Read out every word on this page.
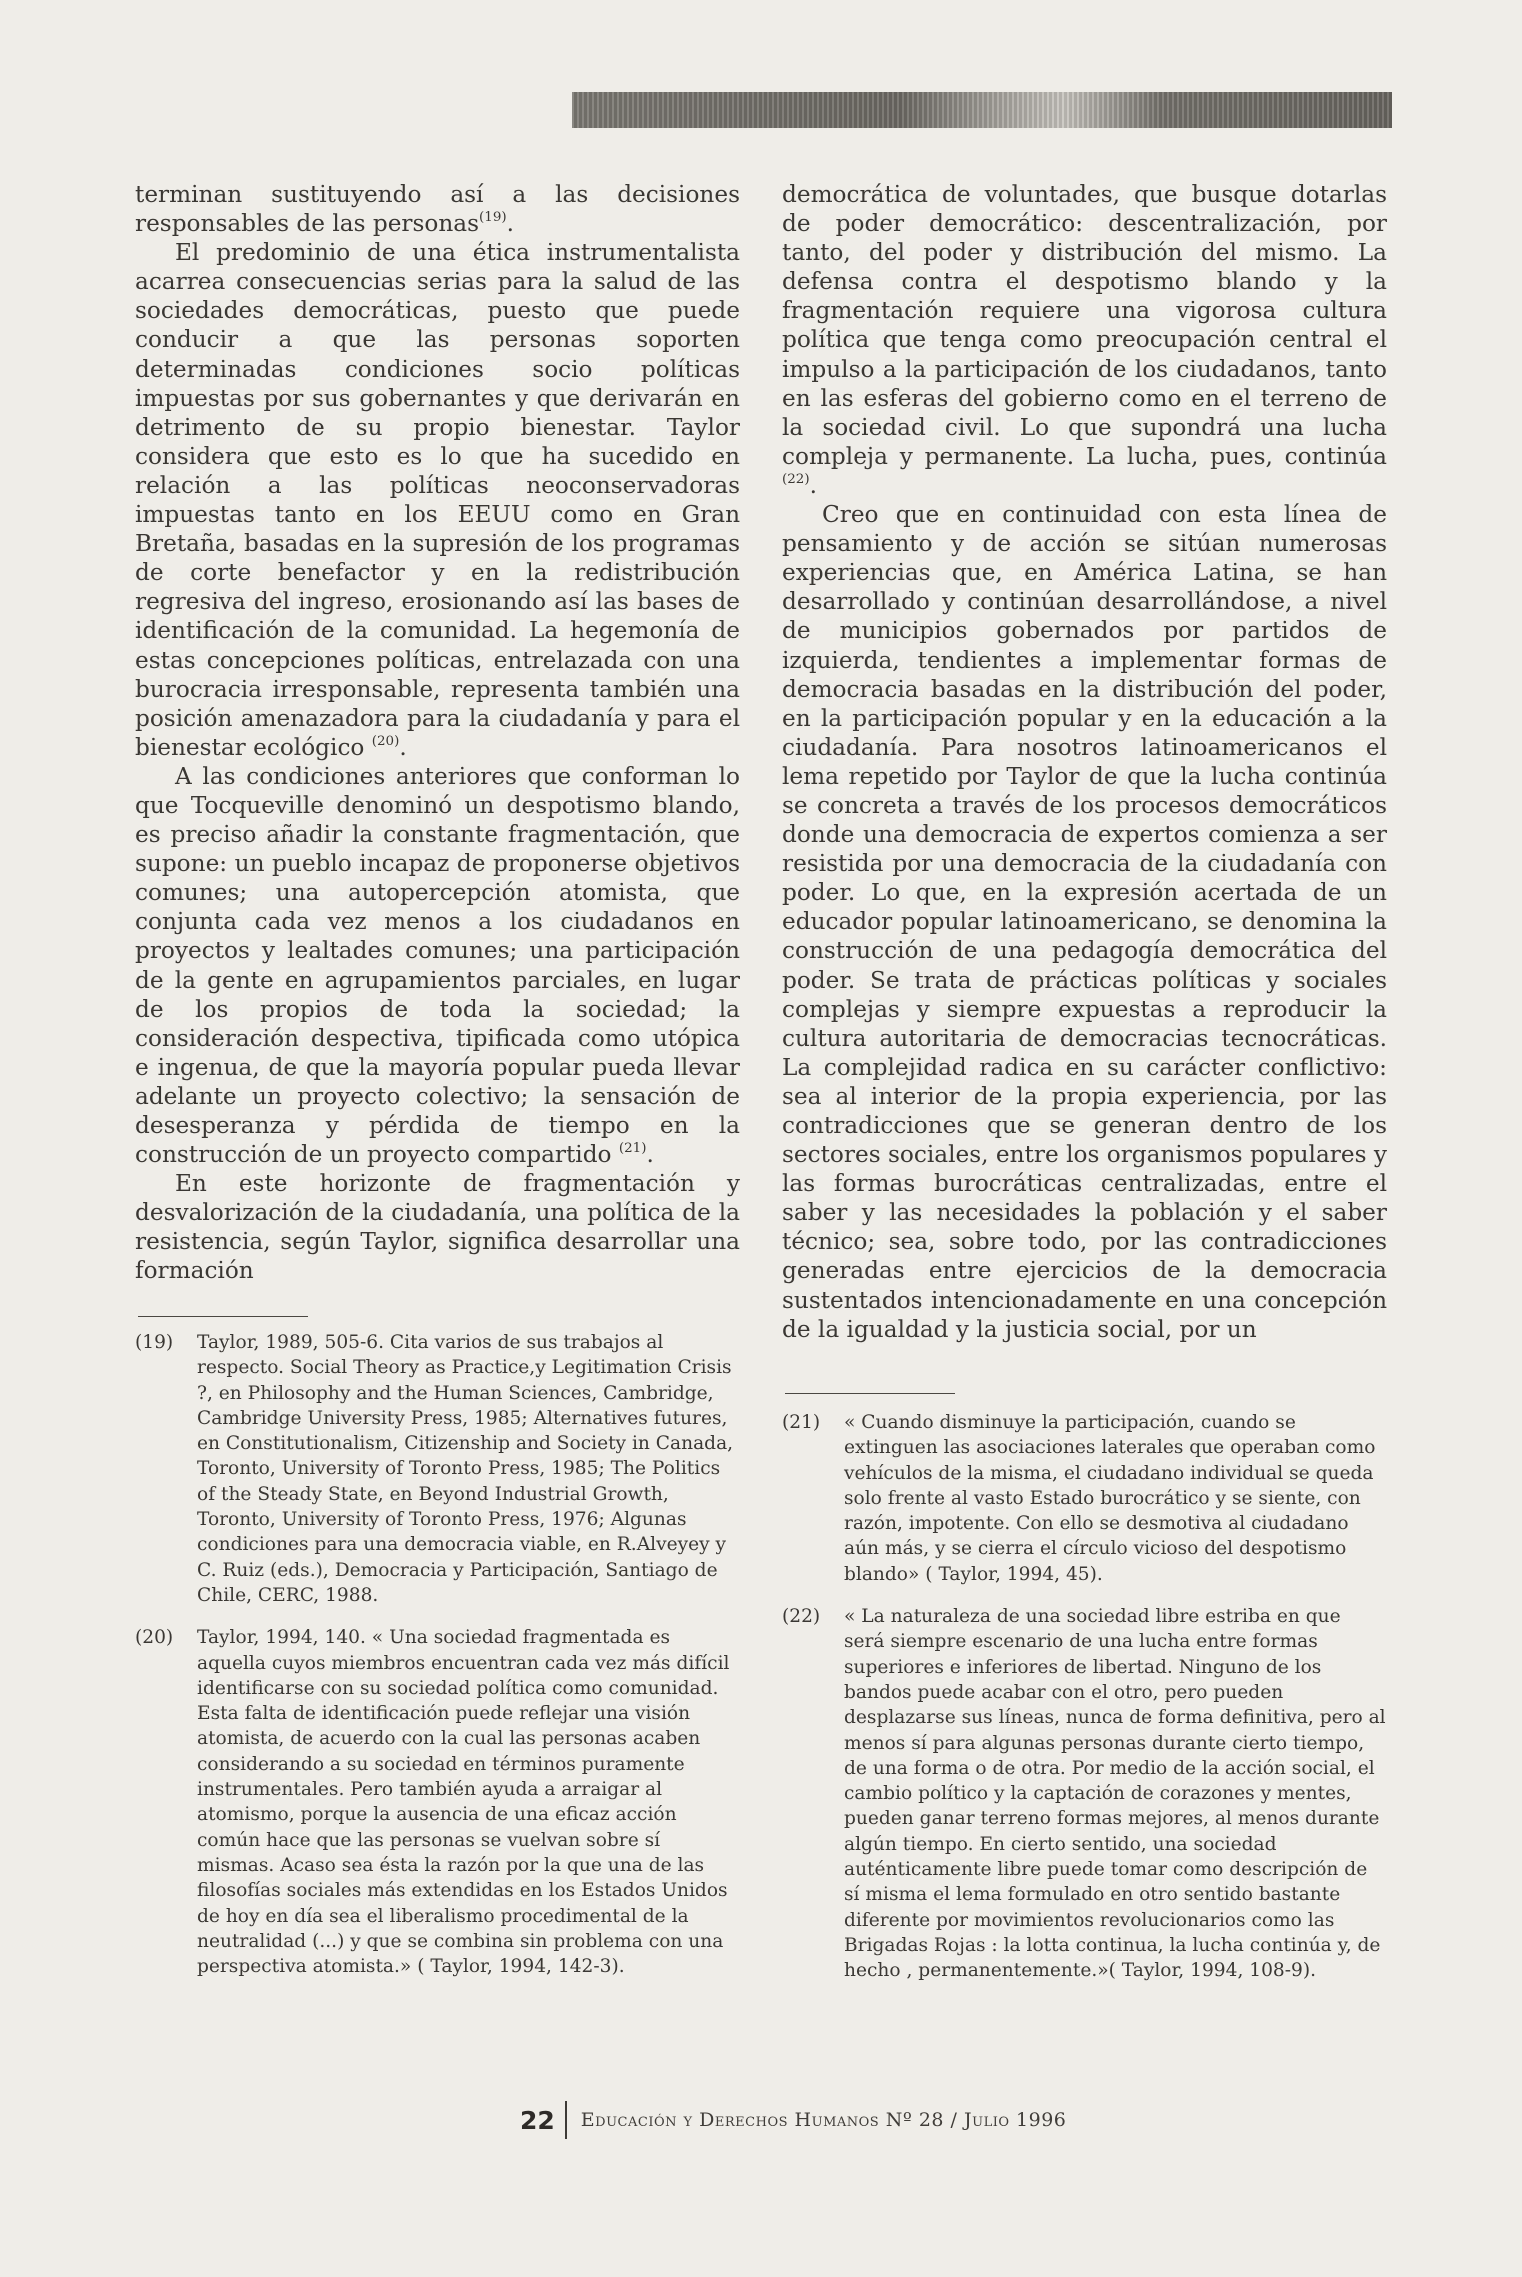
terminan sustituyendo así a las decisiones responsables de las personas$^{(19)}$.

El predominio de una ética instrumentalista acarrea consecuencias serias para la salud de las sociedades democráticas, puesto que puede conducir a que las personas soporten determinadas condiciones socio políticas impuestas por sus gobernantes y que derivarán en detrimento de su propio bienestar. Taylor considera que esto es lo que ha sucedido en relación a las políticas neoconservadoras impuestas tanto en los EEUU como en Gran Bretaña, basadas en la supresión de los programas de corte benefactor y en la redistribución regresiva del ingreso, erosionando así las bases de identificación de la comunidad. La hegemonía de estas concepciones políticas, entrelazada con una burocracia irresponsable, representa también una posición amenazadora para la ciudadanía y para el bienestar ecológico $^{(20)}$.

A las condiciones anteriores que conforman lo que Tocqueville denominó un despotismo blando, es preciso añadir la constante fragmentación, que supone: un pueblo incapaz de proponerse objetivos comunes; una autopercepción atomista, que conjunta cada vez menos a los ciudadanos en proyectos y lealtades comunes; una participación de la gente en agrupamientos parciales, en lugar de los propios de toda la sociedad; la consideración despectiva, tipificada como utópica e ingenua, de que la mayoría popular pueda llevar adelante un proyecto colectivo; la sensación de desesperanza y pérdida de tiempo en la construcción de un proyecto compartido $^{(21)}$.

En este horizonte de fragmentación y desvalorización de la ciudadanía, una política de la resistencia, según Taylor, significa desarrollar una formación

democrática de voluntades, que busque dotarlas de poder democrático: descentralización, por tanto, del poder y distribución del mismo. La defensa contra el despotismo blando y la fragmentación requiere una vigorosa cultura política que tenga como preocupación central el impulso a la participación de los ciudadanos, tanto en las esferas del gobierno como en el terreno de la sociedad civil. Lo que supondrá una lucha compleja y permanente. La lucha, pues, continúa $^{(22)}$.

Creo que en continuidad con esta línea de pensamiento y de acción se sitúan numerosas experiencias que, en América Latina, se han desarrollado y continúan desarrollándose, a nivel de municipios gobernados por partidos de izquierda, tendientes a implementar formas de democracia basadas en la distribución del poder, en la participación popular y en la educación a la ciudadanía. Para nosotros latinoamericanos el lema repetido por Taylor de que la lucha continúa se concreta a través de los procesos democráticos donde una democracia de expertos comienza a ser resistida por una democracia de la ciudadanía con poder. Lo que, en la expresión acertada de un educador popular latinoamericano, se denomina la construcción de una pedagogía democrática del poder. Se trata de prácticas políticas y sociales complejas y siempre expuestas a reproducir la cultura autoritaria de democracias tecnocráticas. La complejidad radica en su carácter conflictivo: sea al interior de la propia experiencia, por las contradicciones que se generan dentro de los sectores sociales, entre los organismos populares y las formas burocráticas centralizadas, entre el saber y las necesidades la población y el saber técnico; sea, sobre todo, por las contradicciones generadas entre ejercicios de la democracia sustentados intencionadamente en una concepción de la igualdad y la justicia social, por un

(19)	Taylor, 1989, 505-6. Cita varios de sus trabajos al respecto. Social Theory as Practice,y Legitimation Crisis ?, en Philosophy and the Human Sciences, Cambridge, Cambridge University Press, 1985; Alternatives futures, en Constitutionalism, Citizenship and Society in Canada, Toronto, University of Toronto Press, 1985; The Politics of the Steady State, en Beyond Industrial Growth, Toronto, University of Toronto Press, 1976; Algunas condiciones para una democracia viable, en R.Alveyey y C. Ruiz (eds.), Democracia y Participación, Santiago de Chile, CERC, 1988.
(20)	Taylor, 1994, 140. « Una sociedad fragmentada es aquella cuyos miembros encuentran cada vez más difícil identificarse con su sociedad política como comunidad. Esta falta de identificación puede reflejar una visión atomista, de acuerdo con la cual las personas acaben considerando a su sociedad en términos puramente instrumentales. Pero también ayuda a arraigar al atomismo, porque la ausencia de una eficaz acción común hace que las personas se vuelvan sobre sí mismas. Acaso sea ésta la razón por la que una de las filosofías sociales más extendidas en los Estados Unidos de hoy en día sea el liberalismo procedimental de la neutralidad (...) y que se combina sin problema con una perspectiva atomista.» ( Taylor, 1994, 142-3).
(21)	« Cuando disminuye la participación, cuando se extinguen las asociaciones laterales que operaban como vehículos de la misma, el ciudadano individual se queda solo frente al vasto Estado burocrático y se siente, con razón, impotente. Con ello se desmotiva al ciudadano aún más, y se cierra el círculo vicioso del despotismo blando» ( Taylor, 1994, 45).
(22)	« La naturaleza de una sociedad libre estriba en que será siempre escenario de una lucha entre formas superiores e inferiores de libertad. Ninguno de los bandos puede acabar con el otro, pero pueden desplazarse sus líneas, nunca de forma definitiva, pero al menos sí para algunas personas durante cierto tiempo, de una forma o de otra. Por medio de la acción social, el cambio político y la captación de corazones y mentes, pueden ganar terreno formas mejores, al menos durante algún tiempo. En cierto sentido, una sociedad auténticamente libre puede tomar como descripción de sí misma el lema formulado en otro sentido bastante diferente por movimientos revolucionarios como las Brigadas Rojas : la lotta continua, la lucha continúa y, de hecho , permanentemente.»( Taylor, 1994, 108-9).
22 Educación y Derechos Humanos Nº 28 / Julio 1996
